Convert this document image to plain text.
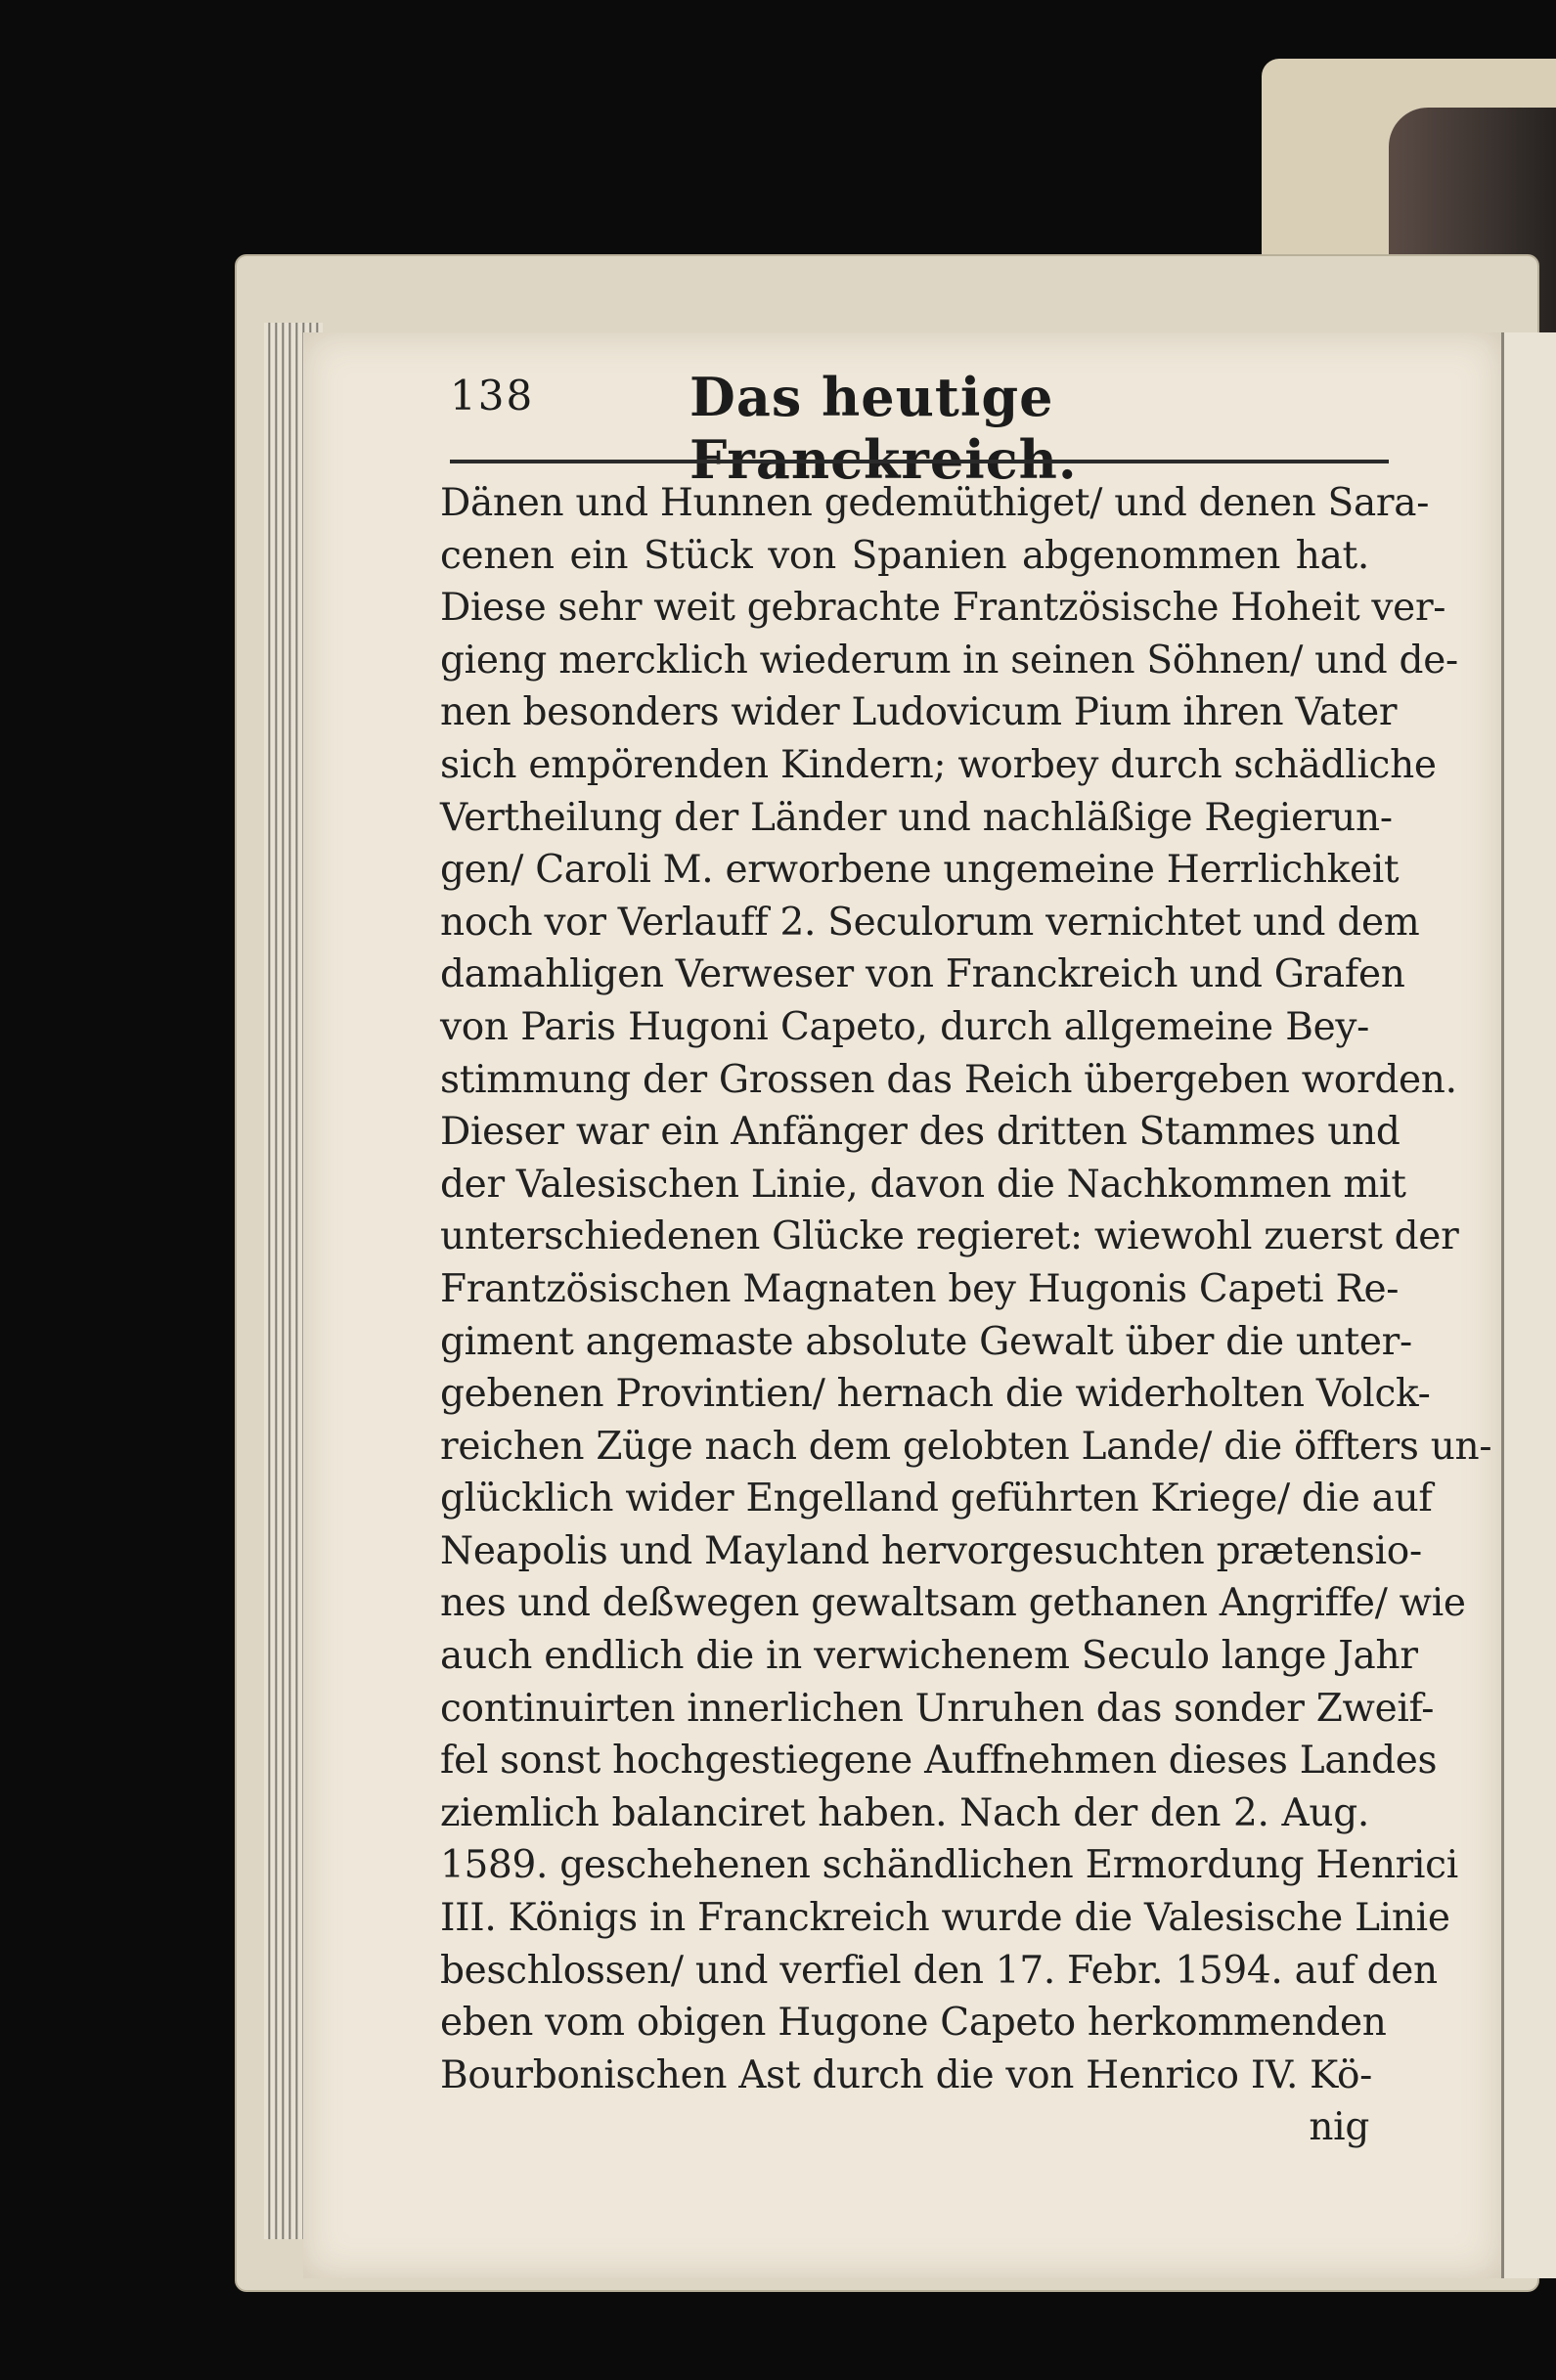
138	Das heutige Franckreich.
Dänen und Hunnen gedemüthiget/ und denen Sara-
cenen ein Stück von Spanien abgenommen hat.
Diese sehr weit gebrachte Frantzösische Hoheit ver-
gieng mercklich wiederum in seinen Söhnen/ und de-
nen besonders wider Ludovicum Pium ihren Vater
sich empörenden Kindern; worbey durch schädliche
Vertheilung der Länder und nachläßige Regierun-
gen/ Caroli M. erworbene ungemeine Herrlichkeit
noch vor Verlauff 2. Seculorum vernichtet und dem
damahligen Verweser von Franckreich und Grafen
von Paris Hugoni Capeto, durch allgemeine Bey-
stimmung der Grossen das Reich übergeben worden.
Dieser war ein Anfänger des dritten Stammes und
der Valesischen Linie, davon die Nachkommen mit
unterschiedenen Glücke regieret: wiewohl zuerst der
Frantzösischen Magnaten bey Hugonis Capeti Re-
giment angemaste absolute Gewalt über die unter-
gebenen Provintien/ hernach die widerholten Volck-
reichen Züge nach dem gelobten Lande/ die öffters un-
glücklich wider Engelland geführten Kriege/ die auf
Neapolis und Mayland hervorgesuchten prætensio-
nes und deßwegen gewaltsam gethanen Angriffe/ wie
auch endlich die in verwichenem Seculo lange Jahr
continuirten innerlichen Unruhen das sonder Zweif-
fel sonst hochgestiegene Auffnehmen dieses Landes
ziemlich balanciret haben. Nach der den 2. Aug.
1589. geschehenen schändlichen Ermordung Henrici
III. Königs in Franckreich wurde die Valesische Linie
beschlossen/ und verfiel den 17. Febr. 1594. auf den
eben vom obigen Hugone Capeto herkommenden
Bourbonischen Ast durch die von Henrico IV. Kö-
nig
